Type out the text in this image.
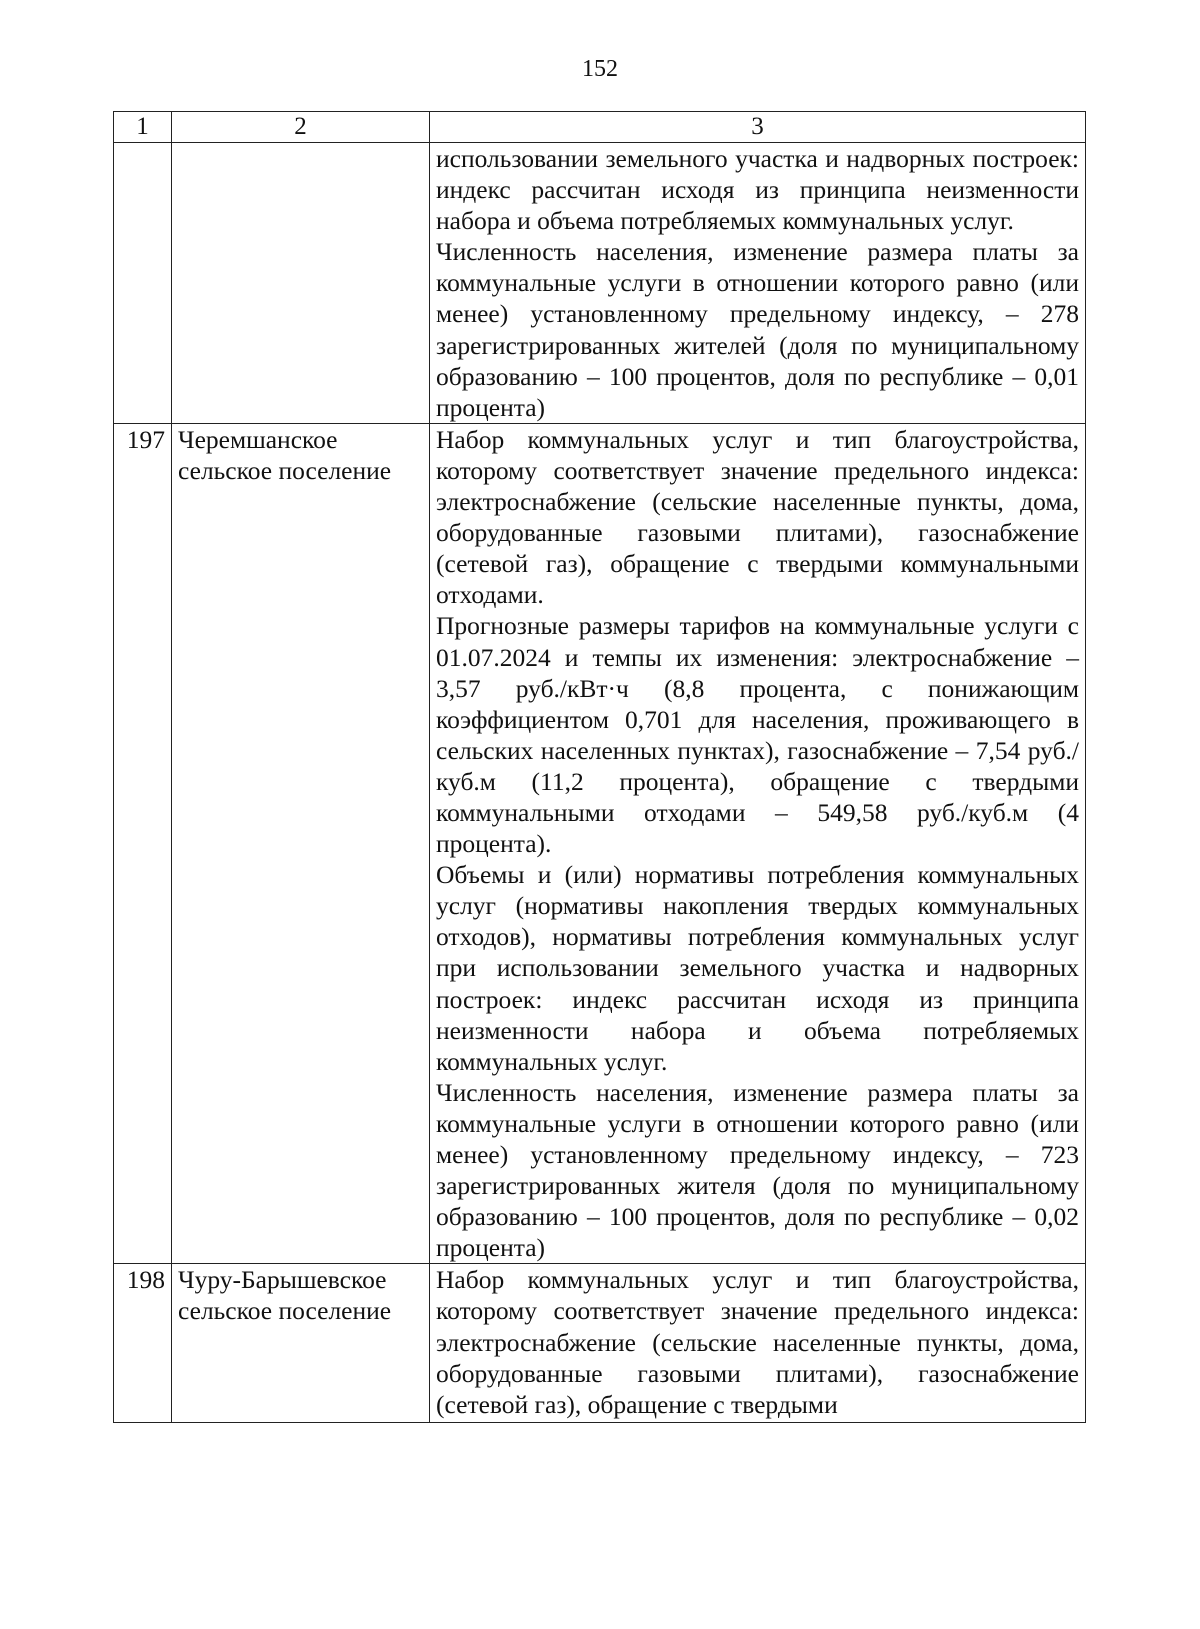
152
1	2	3

		использовании земельного участка и надворных построек: индекс рассчитан исходя из принципа неизменности набора и объема потребляемых коммунальных услуг.

Численность населения, изменение размера платы за коммунальные услуги в отношении которого равно (или менее) установленному предельному индексу, – 278 зарегистрированных жителей (доля по муниципальному образованию – 100 процентов, доля по республике – 0,01 процента)

197	Черемшанское сельское поселение	Набор коммунальных услуг и тип благоустройства, которому соответствует значение предельного индекса: электроснабжение (сельские населенные пункты, дома, оборудованные газовыми плитами), газоснабжение (сетевой газ), обращение с твердыми коммунальными отходами.

Прогнозные размеры тарифов на коммунальные услуги с 01.07.2024 и темпы их изменения: электроснабжение – 3,57 руб./кВт·ч (8,8 процента, с понижающим коэффициентом 0,701 для населения, проживающего в сельских населенных пунктах), газоснабжение – 7,54 руб./куб.м (11,2 процента), обращение с твердыми коммунальными отходами – 549,58 руб./куб.м (4 процента).

Объемы и (или) нормативы потребления коммунальных услуг (нормативы накопления твердых коммунальных отходов), нормативы потребления коммунальных услуг при использовании земельного участка и надворных построек: индекс рассчитан исходя из принципа неизменности набора и объема потребляемых коммунальных услуг.

Численность населения, изменение размера платы за коммунальные услуги в отношении которого равно (или менее) установленному предельному индексу, – 723 зарегистрированных жителя (доля по муниципальному образованию – 100 процентов, доля по республике – 0,02 процента)

198	Чуру-Барышевское сельское поселение	Набор коммунальных услуг и тип благоустройства, которому соответствует значение предельного индекса: электроснабжение (сельские населенные пункты, дома, оборудованные газовыми плитами), газоснабжение (сетевой газ), обращение с твердыми
